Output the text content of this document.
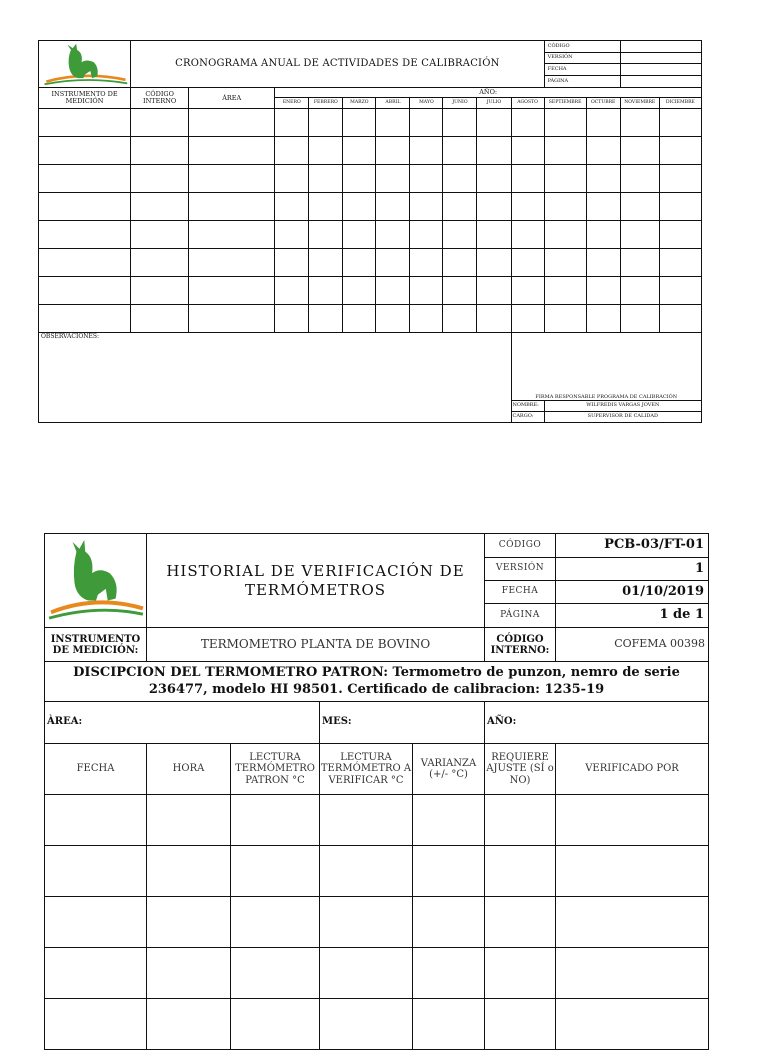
	CRONOGRAMA ANUAL DE ACTIVIDADES DE CALIBRACIÓN										CÓDIGO			
											VERSIÓN			
											FECHA			
											PÁGINA			
INSTRUMENTO DE MEDICIÓN	CÓDIGO INTERNO	ÁREA	AÑO:											
			ENERO	FEBRERO	MARZO	ABRIL	MAYO	JUNIO	JULIO	AGOSTO	SEPTIEMBRE	OCTUBRE	NOVIEMBRE	DICIEMBRE

OBSERVACIONES:										FIRMA RESPONSABLE PROGRAMA DE CALIBRACIÓN				
										NOMBRE:	WILFREDIS VARGAS JOVEN			
										CARGO:	SUPERVISOR DE CALIDAD			
	HISTORIAL DE VERIFICACIÓN DE TERMÓMETROS				CÓDIGO	PCB-03/FT-01
					VERSIÓN	1
					FECHA	01/10/2019
					PÁGINA	1 de 1
INSTRUMENTO DE MEDICIÓN:	TERMOMETRO PLANTA DE BOVINO				CÓDIGO INTERNO:	COFEMA 00398
DISCIPCION DEL TERMOMETRO PATRON: Termometro de punzon, nemro de serie 236477, modelo HI 98501. Certificado de calibracion: 1235-19						
ÀREA:			MES:		AÑO:	
FECHA	HORA	LECTURA TERMÓMETRO PATRON °C	LECTURA TERMÓMETRO A VERIFICAR °C	VARIANZA (+/- °C)	REQUIERE AJUSTE (SÍ o NO)	VERIFICADO POR
